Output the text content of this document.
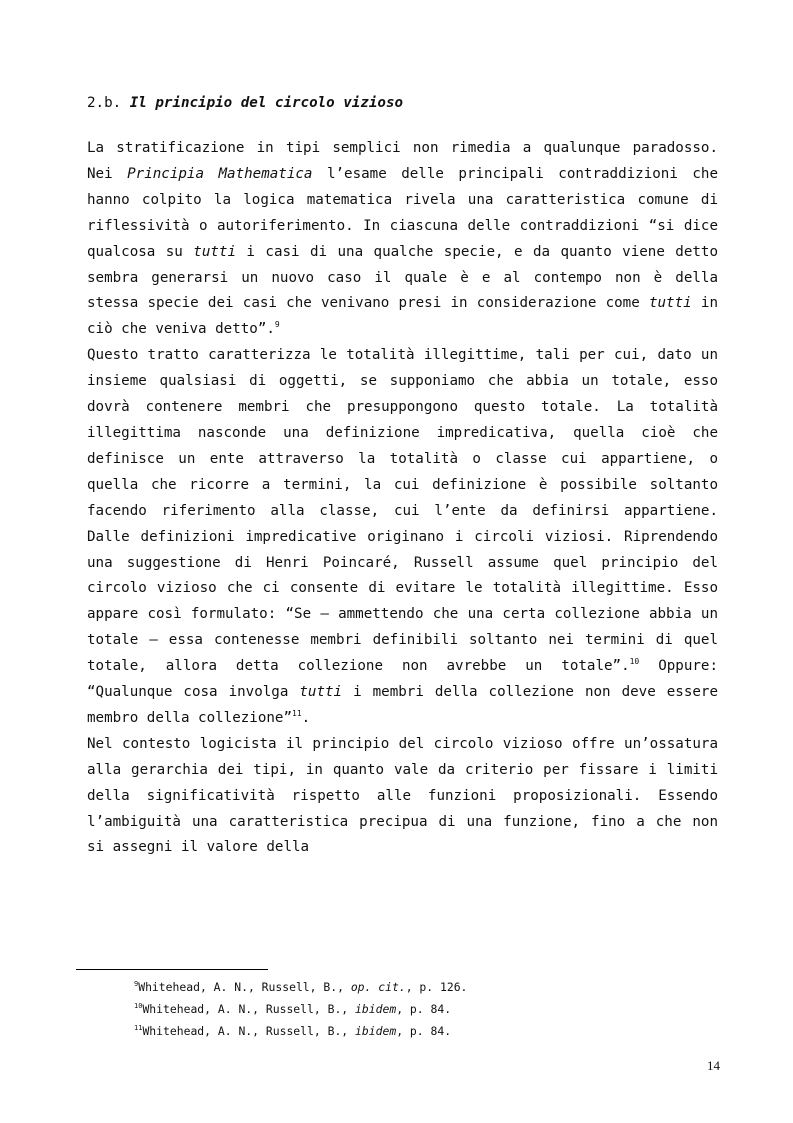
2.b. Il principio del circolo vizioso

La stratificazione in tipi semplici non rimedia a qualunque paradosso. Nei Principia Mathematica l’esame delle principali contraddizioni che hanno colpito la logica matematica rivela una caratteristica comune di riflessività o autoriferimento. In ciascuna delle contraddizioni “si dice qualcosa su tutti i casi di una qualche specie, e da quanto viene detto sembra generarsi un nuovo caso il quale è e al contempo non è della stessa specie dei casi che venivano presi in considerazione come tutti in ciò che veniva detto”.$^9$

Questo tratto caratterizza le totalità illegittime, tali per cui, dato un insieme qualsiasi di oggetti, se supponiamo che abbia un totale, esso dovrà contenere membri che presuppongono questo totale. La totalità illegittima nasconde una definizione impredicativa, quella cioè che definisce un ente attraverso la totalità o classe cui appartiene, o quella che ricorre a termini, la cui definizione è possibile soltanto facendo riferimento alla classe, cui l’ente da definirsi appartiene. Dalle definizioni impredicative originano i circoli viziosi. Riprendendo una suggestione di Henri Poincaré, Russell assume quel principio del circolo vizioso che ci consente di evitare le totalità illegittime. Esso appare così formulato: “Se – ammettendo che una certa collezione abbia un totale – essa contenesse membri definibili soltanto nei termini di quel totale, allora detta collezione non avrebbe un totale”.$^{10}$ Oppure: “Qualunque cosa involga tutti i membri della collezione non deve essere membro della collezione”$^{11}$.

Nel contesto logicista il principio del circolo vizioso offre un’ossatura alla gerarchia dei tipi, in quanto vale da criterio per fissare i limiti della significatività rispetto alle funzioni proposizionali. Essendo l’ambiguità una caratteristica precipua di una funzione, fino a che non si assegni il valore della

$^9$Whitehead, A. N., Russell, B., op. cit., p. 126.
$^{10}$Whitehead, A. N., Russell, B., ibidem, p. 84.
$^{11}$Whitehead, A. N., Russell, B., ibidem, p. 84.
14
